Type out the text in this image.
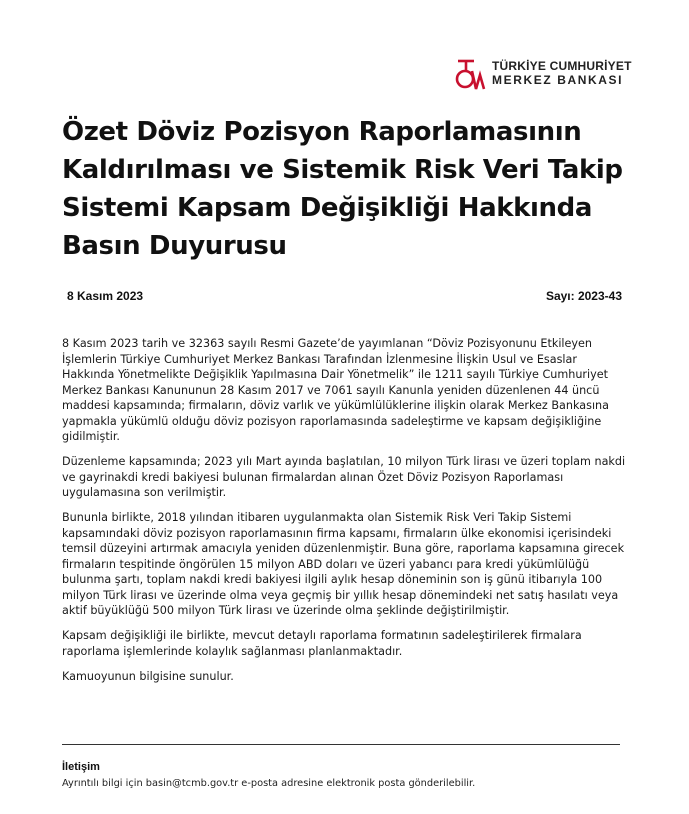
TÜRKİYE CUMHURİYET
MERKEZ BANKASI
Özet Döviz Pozisyon Raporlamasının Kaldırılması ve Sistemik Risk Veri Takip Sistemi Kapsam Değişikliği Hakkında Basın Duyurusu
8 Kasım 2023	Sayı: 2023-43

8 Kasım 2023 tarih ve 32363 sayılı Resmi Gazete’de yayımlanan “Döviz Pozisyonunu Etkileyen İşlemlerin Türkiye Cumhuriyet Merkez Bankası Tarafından İzlenmesine İlişkin Usul ve Esaslar Hakkında Yönetmelikte Değişiklik Yapılmasına Dair Yönetmelik” ile 1211 sayılı Türkiye Cumhuriyet Merkez Bankası Kanununun 28 Kasım 2017 ve 7061 sayılı Kanunla yeniden düzenlenen 44 üncü maddesi kapsamında; firmaların, döviz varlık ve yükümlülüklerine ilişkin olarak Merkez Bankasına yapmakla yükümlü olduğu döviz pozisyon raporlamasında sadeleştirme ve kapsam değişikliğine gidilmiştir.

Düzenleme kapsamında; 2023 yılı Mart ayında başlatılan, 10 milyon Türk lirası ve üzeri toplam nakdi ve gayrinakdi kredi bakiyesi bulunan firmalardan alınan Özet Döviz Pozisyon Raporlaması uygulamasına son verilmiştir.

Bununla birlikte, 2018 yılından itibaren uygulanmakta olan Sistemik Risk Veri Takip Sistemi kapsamındaki döviz pozisyon raporlamasının firma kapsamı, firmaların ülke ekonomisi içerisindeki temsil düzeyini artırmak amacıyla yeniden düzenlenmiştir. Buna göre, raporlama kapsamına girecek firmaların tespitinde öngörülen 15 milyon ABD doları ve üzeri yabancı para kredi yükümlülüğü bulunma şartı, toplam nakdi kredi bakiyesi ilgili aylık hesap döneminin son iş günü itibarıyla 100 milyon Türk lirası ve üzerinde olma veya geçmiş bir yıllık hesap dönemindeki net satış hasılatı veya aktif büyüklüğü 500 milyon Türk lirası ve üzerinde olma şeklinde değiştirilmiştir.

Kapsam değişikliği ile birlikte, mevcut detaylı raporlama formatının sadeleştirilerek firmalara raporlama işlemlerinde kolaylık sağlanması planlanmaktadır.

Kamuoyunun bilgisine sunulur.

İletişim
Ayrıntılı bilgi için basin@tcmb.gov.tr e-posta adresine elektronik posta gönderilebilir.
